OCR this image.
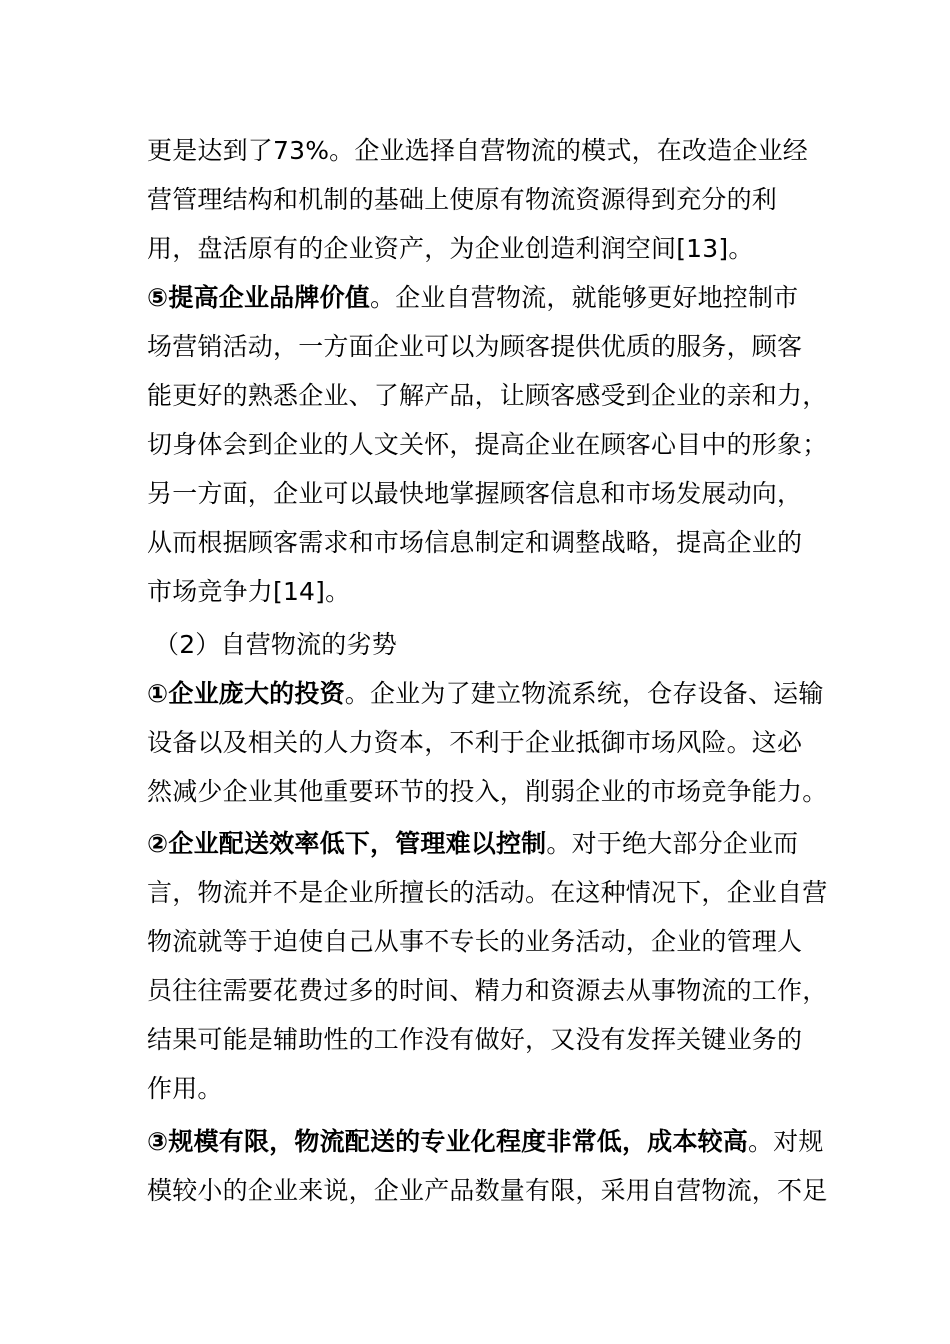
更是达到了73%。企业选择自营物流的模式，在改造企业经
营管理结构和机制的基础上使原有物流资源得到充分的利
用，盘活原有的企业资产，为企业创造利润空间[13]。
⑤提高企业品牌价值。企业自营物流，就能够更好地控制市
场营销活动，一方面企业可以为顾客提供优质的服务，顾客
能更好的熟悉企业、了解产品，让顾客感受到企业的亲和力，
切身体会到企业的人文关怀，提高企业在顾客心目中的形象；
另一方面，企业可以最快地掌握顾客信息和市场发展动向，
从而根据顾客需求和市场信息制定和调整战略，提高企业的
市场竞争力[14]。
（2）自营物流的劣势
①企业庞大的投资。企业为了建立物流系统，仓存设备、运输
设备以及相关的人力资本，不利于企业抵御市场风险。这必
然减少企业其他重要环节的投入，削弱企业的市场竞争能力。
②企业配送效率低下，管理难以控制。对于绝大部分企业而
言，物流并不是企业所擅长的活动。在这种情况下，企业自营
物流就等于迫使自己从事不专长的业务活动，企业的管理人
员往往需要花费过多的时间、精力和资源去从事物流的工作，
结果可能是辅助性的工作没有做好，又没有发挥关键业务的
作用。
③规模有限，物流配送的专业化程度非常低，成本较高。对规
模较小的企业来说，企业产品数量有限，采用自营物流，不足
